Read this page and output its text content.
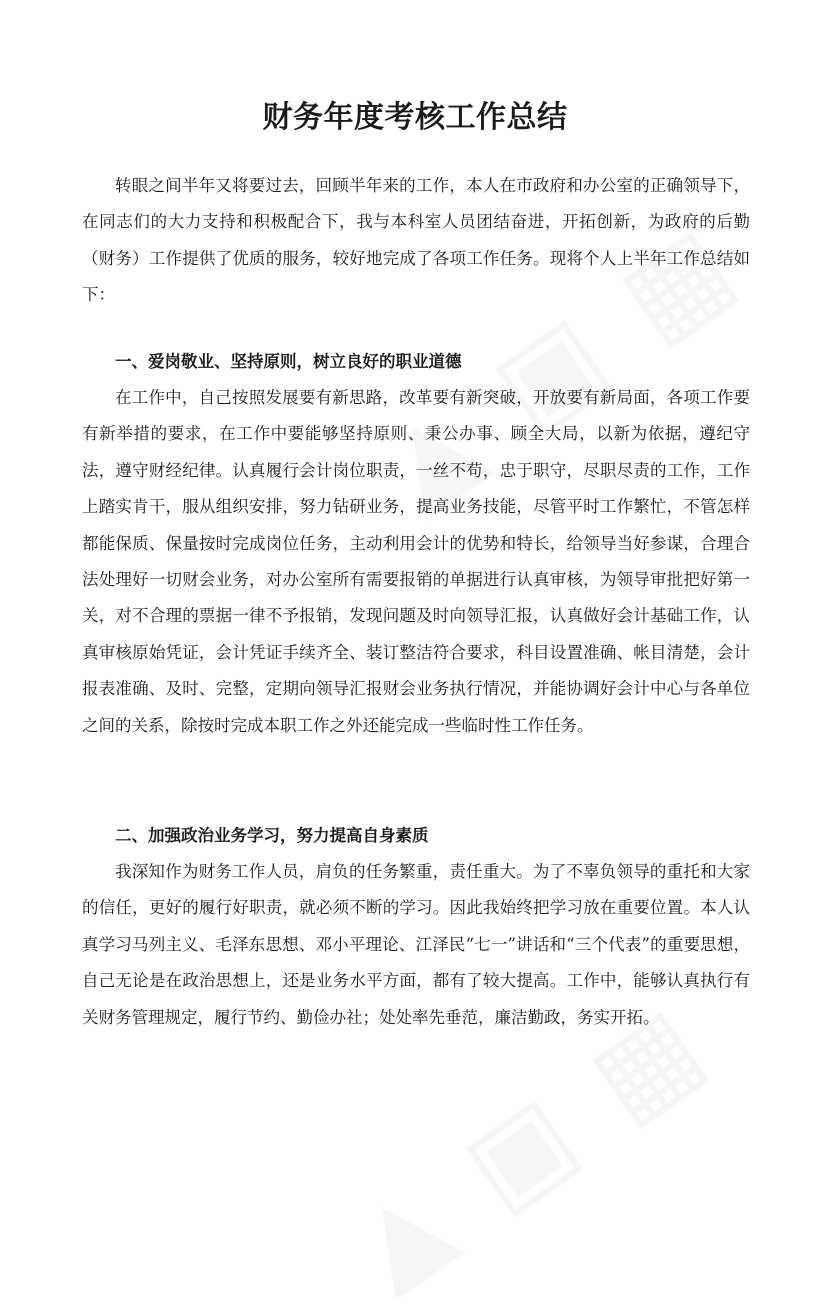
财务年度考核工作总结

转眼之间半年又将要过去，回顾半年来的工作，本人在市政府和办公室的正确领导下，在同志们的大力支持和积极配合下，我与本科室人员团结奋进，开拓创新，为政府的后勤（财务）工作提供了优质的服务，较好地完成了各项工作任务。现将个人上半年工作总结如下：

一、爱岗敬业、坚持原则，树立良好的职业道德

在工作中，自己按照发展要有新思路，改革要有新突破，开放要有新局面，各项工作要有新举措的要求，在工作中要能够坚持原则、秉公办事、顾全大局，以新为依据，遵纪守法，遵守财经纪律。认真履行会计岗位职责，一丝不苟，忠于职守，尽职尽责的工作，工作上踏实肯干，服从组织安排，努力钻研业务，提高业务技能，尽管平时工作繁忙，不管怎样都能保质、保量按时完成岗位任务，主动利用会计的优势和特长，给领导当好参谋，合理合法处理好一切财会业务，对办公室所有需要报销的单据进行认真审核，为领导审批把好第一关，对不合理的票据一律不予报销，发现问题及时向领导汇报，认真做好会计基础工作，认真审核原始凭证，会计凭证手续齐全、装订整洁符合要求，科目设置准确、帐目清楚，会计报表准确、及时、完整，定期向领导汇报财会业务执行情况，并能协调好会计中心与各单位之间的关系，除按时完成本职工作之外还能完成一些临时性工作任务。

二、加强政治业务学习，努力提高自身素质

我深知作为财务工作人员，肩负的任务繁重，责任重大。为了不辜负领导的重托和大家的信任，更好的履行好职责，就必须不断的学习。因此我始终把学习放在重要位置。本人认真学习马列主义、毛泽东思想、邓小平理论、江泽民“七一”讲话和“三个代表”的重要思想，自己无论是在政治思想上，还是业务水平方面，都有了较大提高。工作中，能够认真执行有关财务管理规定，履行节约、勤俭办社；处处率先垂范，廉洁勤政，务实开拓。
